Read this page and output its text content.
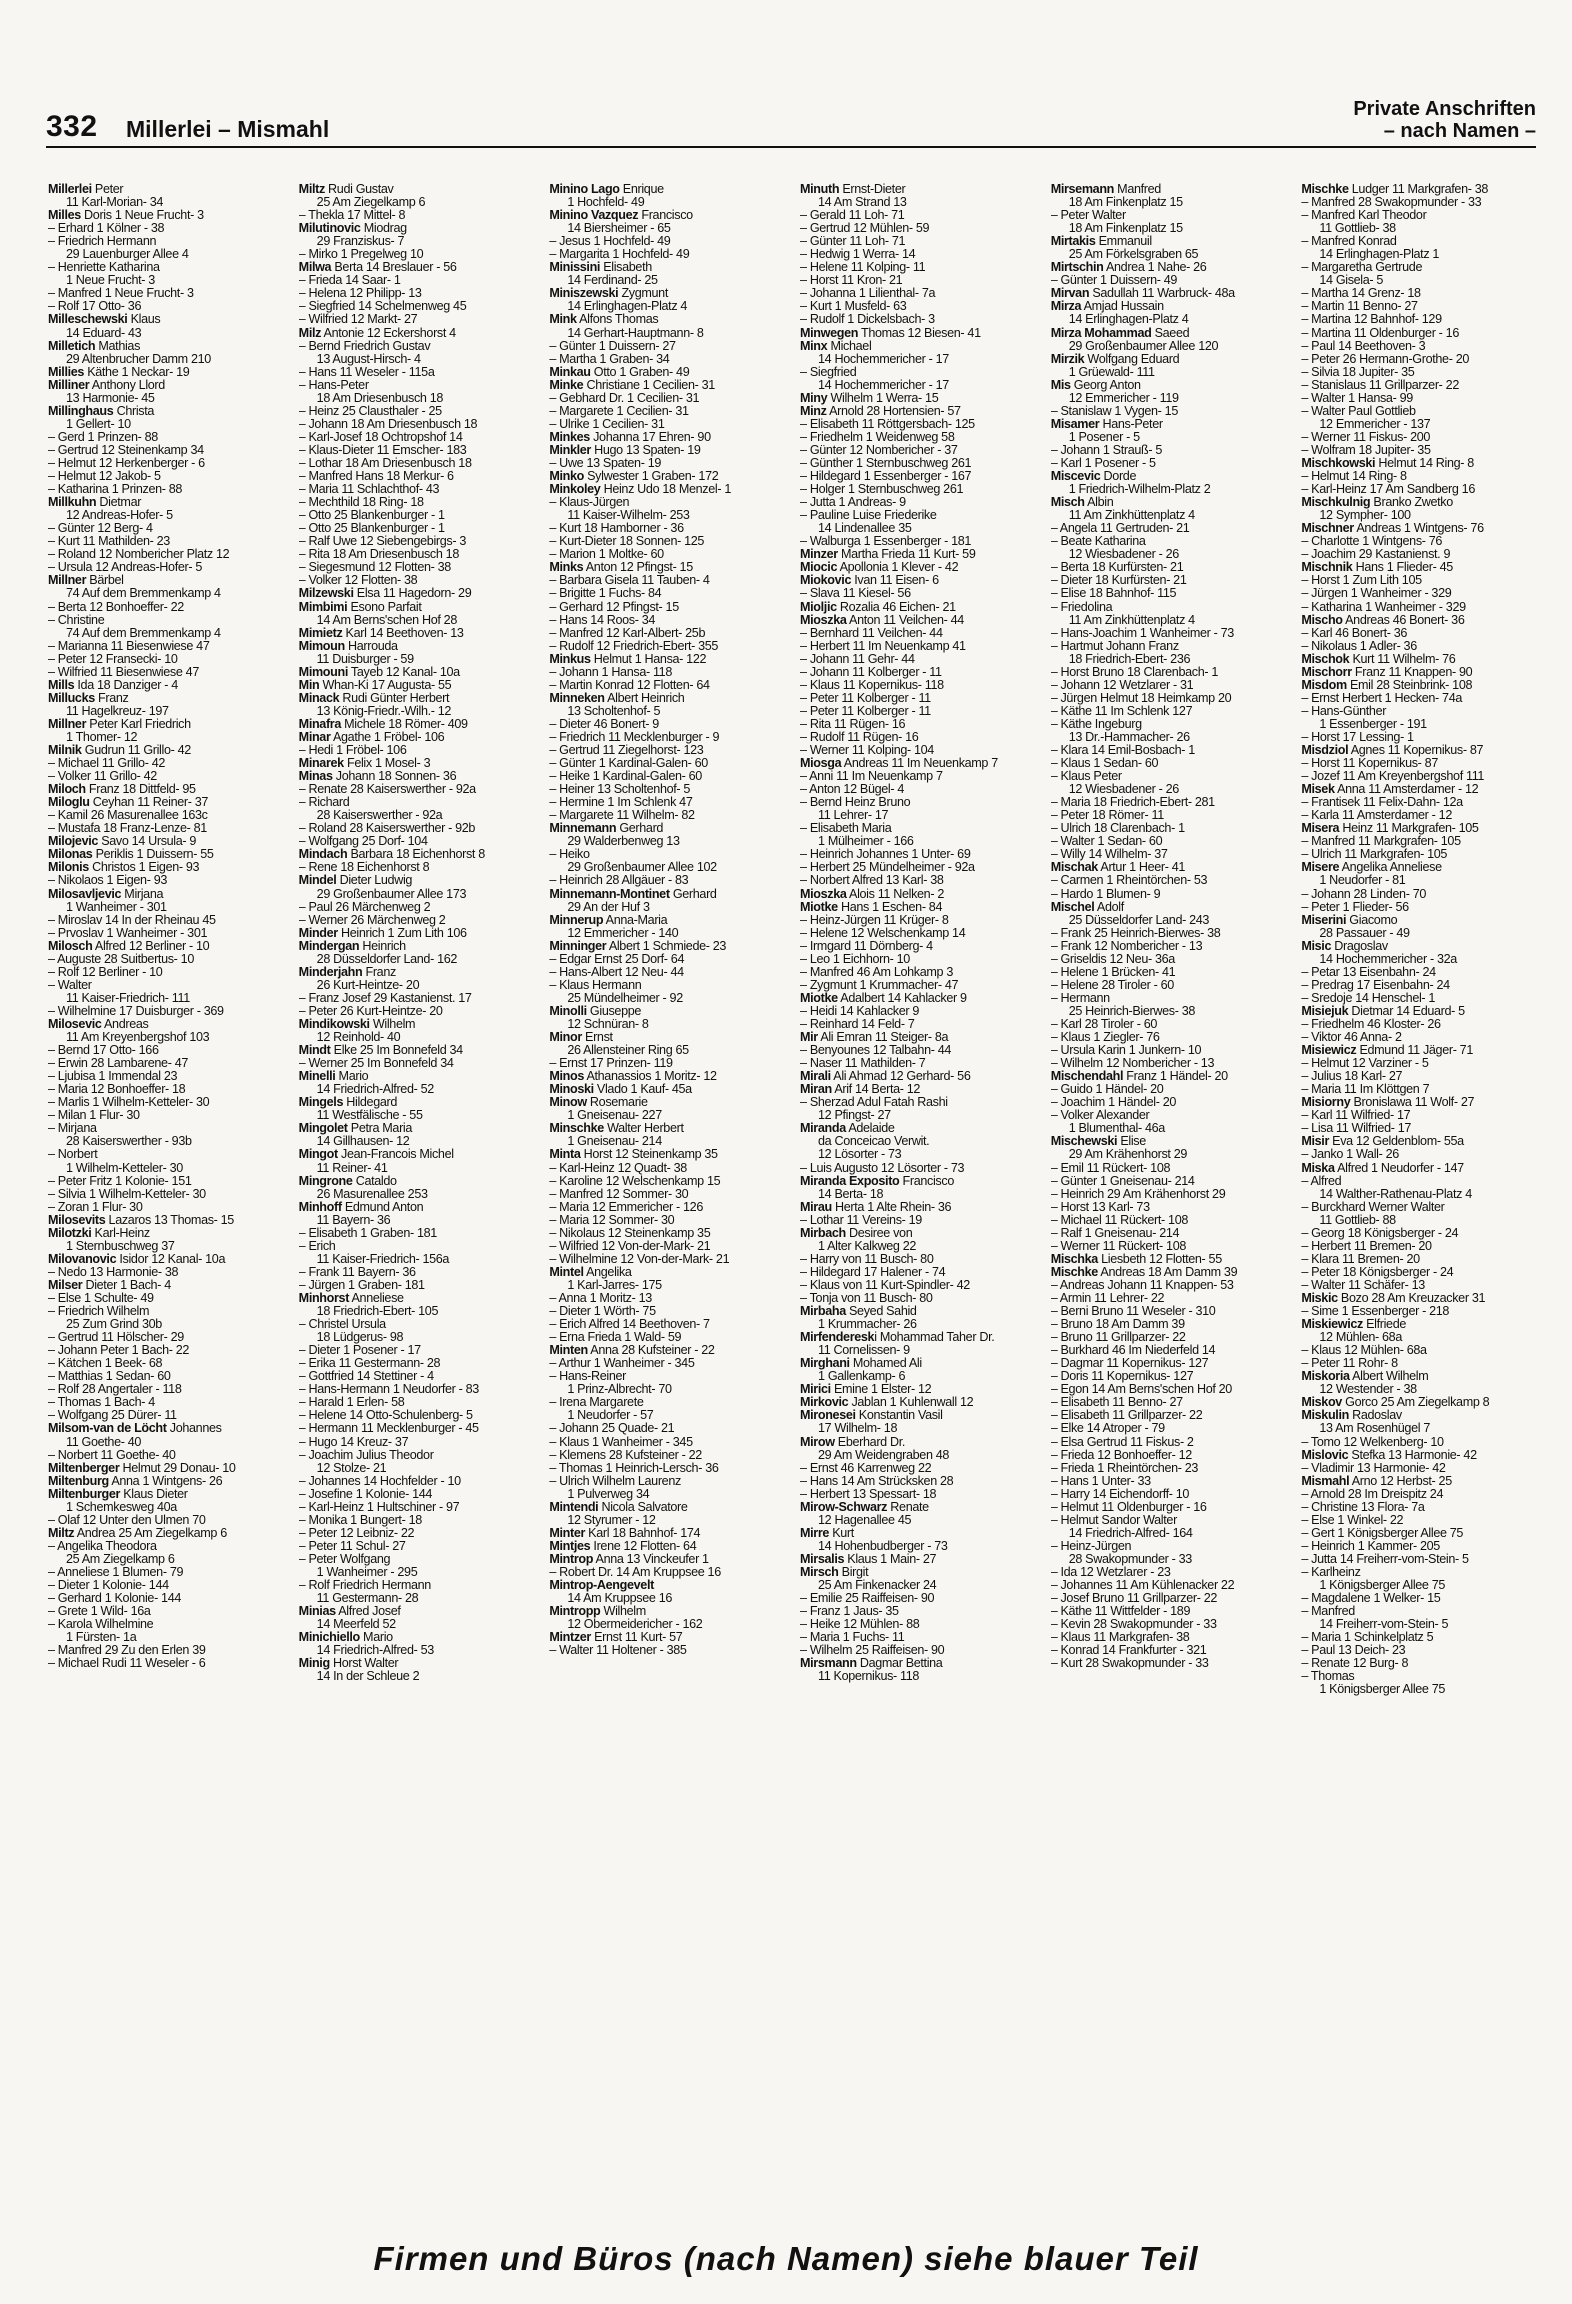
332 Millerlei – Mismahl
Private Anschriften
– nach Namen –
Millerlei Peter
11 Karl-Morian- 34
Milles Doris 1 Neue Frucht- 3
– Erhard 1 Kölner - 38
– Friedrich Hermann
29 Lauenburger Allee 4
– Henriette Katharina
1 Neue Frucht- 3
– Manfred 1 Neue Frucht- 3
– Rolf 17 Otto- 36
Milleschewski Klaus
14 Eduard- 43
Milletich Mathias
29 Altenbrucher Damm 210
Millies Käthe 1 Neckar- 19
Milliner Anthony Llord
13 Harmonie- 45
Millinghaus Christa
1 Gellert- 10
– Gerd 1 Prinzen- 88
– Gertrud 12 Steinenkamp 34
– Helmut 12 Herkenberger - 6
– Helmut 12 Jakob- 5
– Katharina 1 Prinzen- 88
Millkuhn Dietmar
12 Andreas-Hofer- 5
– Günter 12 Berg- 4
– Kurt 11 Mathilden- 23
– Roland 12 Nombericher Platz 12
– Ursula 12 Andreas-Hofer- 5
Millner Bärbel
74 Auf dem Bremmenkamp 4
– Berta 12 Bonhoeffer- 22
– Christine
74 Auf dem Bremmenkamp 4
– Marianna 11 Biesenwiese 47
– Peter 12 Fransecki- 10
– Wilfried 11 Biesenwiese 47
Mills Ida 18 Danziger - 4
Millucks Franz
11 Hagelkreuz- 197
Millner Peter Karl Friedrich
1 Thomer- 12
Milnik Gudrun 11 Grillo- 42
– Michael 11 Grillo- 42
– Volker 11 Grillo- 42
Miloch Franz 18 Dittfeld- 95
Miloglu Ceyhan 11 Reiner- 37
– Kamil 26 Masurenallee 163c
– Mustafa 18 Franz-Lenze- 81
Milojevic Savo 14 Ursula- 9
Milonas Periklis 1 Duissern- 55
Milonis Christos 1 Eigen- 93
– Nikolaos 1 Eigen- 93
Milosavljevic Mirjana
1 Wanheimer - 301
– Miroslav 14 In der Rheinau 45
– Prvoslav 1 Wanheimer - 301
Milosch Alfred 12 Berliner - 10
– Auguste 28 Suitbertus- 10
– Rolf 12 Berliner - 10
– Walter
11 Kaiser-Friedrich- 111
– Wilhelmine 17 Duisburger - 369
Milosevic Andreas
11 Am Kreyenbergshof 103
– Bernd 17 Otto- 166
– Erwin 28 Lambarene- 47
– Ljubisa 1 Immendal 23
– Maria 12 Bonhoeffer- 18
– Marlis 1 Wilhelm-Ketteler- 30
– Milan 1 Flur- 30
– Mirjana
28 Kaiserswerther - 93b
– Norbert
1 Wilhelm-Ketteler- 30
– Peter Fritz 1 Kolonie- 151
– Silvia 1 Wilhelm-Ketteler- 30
– Zoran 1 Flur- 30
Milosevits Lazaros 13 Thomas- 15
Milotzki Karl-Heinz
1 Sternbuschweg 37
Milovanovic Isidor 12 Kanal- 10a
– Nedo 13 Harmonie- 38
Milser Dieter 1 Bach- 4
– Else 1 Schulte- 49
– Friedrich Wilhelm
25 Zum Grind 30b
– Gertrud 11 Hölscher- 29
– Johann Peter 1 Bach- 22
– Kätchen 1 Beek- 68
– Matthias 1 Sedan- 60
– Rolf 28 Angertaler - 118
– Thomas 1 Bach- 4
– Wolfgang 25 Dürer- 11
Milsom-van de Löcht Johannes
11 Goethe- 40
– Norbert 11 Goethe- 40
Miltenberger Helmut 29 Donau- 10
Miltenburg Anna 1 Wintgens- 26
Miltenburger Klaus Dieter
1 Schemkesweg 40a
– Olaf 12 Unter den Ulmen 70
Miltz Andrea 25 Am Ziegelkamp 6
– Angelika Theodora
25 Am Ziegelkamp 6
– Anneliese 1 Blumen- 79
– Dieter 1 Kolonie- 144
– Gerhard 1 Kolonie- 144
– Grete 1 Wild- 16a
– Karola Wilhelmine
1 Fürsten- 1a
– Manfred 29 Zu den Erlen 39
– Michael Rudi 11 Weseler - 6
Miltz Rudi Gustav
25 Am Ziegelkamp 6
– Thekla 17 Mittel- 8
Milutinovic Miodrag
29 Franziskus- 7
– Mirko 1 Pregelweg 10
Milwa Berta 14 Breslauer - 56
– Frieda 14 Saar- 1
– Helena 12 Philipp- 13
– Siegfried 14 Schelmenweg 45
– Wilfried 12 Markt- 27
Milz Antonie 12 Eckershorst 4
– Bernd Friedrich Gustav
13 August-Hirsch- 4
– Hans 11 Weseler - 115a
– Hans-Peter
18 Am Driesenbusch 18
– Heinz 25 Clausthaler - 25
– Johann 18 Am Driesenbusch 18
– Karl-Josef 18 Ochtropshof 14
– Klaus-Dieter 11 Emscher- 183
– Lothar 18 Am Driesenbusch 18
– Manfred Hans 18 Merkur- 6
– Maria 11 Schlachthof- 43
– Mechthild 18 Ring- 18
– Otto 25 Blankenburger - 1
– Otto 25 Blankenburger - 1
– Ralf Uwe 12 Siebengebirgs- 3
– Rita 18 Am Driesenbusch 18
– Siegesmund 12 Flotten- 38
– Volker 12 Flotten- 38
Milzewski Elsa 11 Hagedorn- 29
Mimbimi Esono Parfait
14 Am Berns'schen Hof 28
Mimietz Karl 14 Beethoven- 13
Mimoun Harrouda
11 Duisburger - 59
Mimouni Tayeb 12 Kanal- 10a
Min Whan-Ki 17 Augusta- 55
Minack Rudi Günter Herbert
13 König-Friedr.-Wilh.- 12
Minafra Michele 18 Römer- 409
Minar Agathe 1 Fröbel- 106
– Hedi 1 Fröbel- 106
Minarek Felix 1 Mosel- 3
Minas Johann 18 Sonnen- 36
– Renate 28 Kaiserswerther - 92a
– Richard
28 Kaiserswerther - 92a
– Roland 28 Kaiserswerther - 92b
– Wolfgang 25 Dorf- 104
Mindach Barbara 18 Eichenhorst 8
– Rene 18 Eichenhorst 8
Mindel Dieter Ludwig
29 Großenbaumer Allee 173
– Paul 26 Märchenweg 2
– Werner 26 Märchenweg 2
Minder Heinrich 1 Zum Lith 106
Mindergan Heinrich
28 Düsseldorfer Land- 162
Minderjahn Franz
26 Kurt-Heintze- 20
– Franz Josef 29 Kastanienst. 17
– Peter 26 Kurt-Heintze- 20
Mindikowski Wilhelm
12 Reinhold- 40
Mindt Elke 25 Im Bonnefeld 34
– Werner 25 Im Bonnefeld 34
Minelli Mario
14 Friedrich-Alfred- 52
Mingels Hildegard
11 Westfälische - 55
Mingolet Petra Maria
14 Gillhausen- 12
Mingot Jean-Francois Michel
11 Reiner- 41
Mingrone Cataldo
26 Masurenallee 253
Minhoff Edmund Anton
11 Bayern- 36
– Elisabeth 1 Graben- 181
– Erich
11 Kaiser-Friedrich- 156a
– Frank 11 Bayern- 36
– Jürgen 1 Graben- 181
Minhorst Anneliese
18 Friedrich-Ebert- 105
– Christel Ursula
18 Lüdgerus- 98
– Dieter 1 Posener - 17
– Erika 11 Gestermann- 28
– Gottfried 14 Stettiner - 4
– Hans-Hermann 1 Neudorfer - 83
– Harald 1 Erlen- 58
– Helene 14 Otto-Schulenberg- 5
– Hermann 11 Mecklenburger - 45
– Hugo 14 Kreuz- 37
– Joachim Julius Theodor
12 Stolze- 21
– Johannes 14 Hochfelder - 10
– Josefine 1 Kolonie- 144
– Karl-Heinz 1 Hultschiner - 97
– Monika 1 Bungert- 18
– Peter 12 Leibniz- 22
– Peter 11 Schul- 27
– Peter Wolfgang
1 Wanheimer - 295
– Rolf Friedrich Hermann
11 Gestermann- 28
Minias Alfred Josef
14 Meerfeld 52
Minichiello Mario
14 Friedrich-Alfred- 53
Minig Horst Walter
14 In der Schleue 2
Minino Lago Enrique
1 Hochfeld- 49
Minino Vazquez Francisco
14 Biersheimer - 65
– Jesus 1 Hochfeld- 49
– Margarita 1 Hochfeld- 49
Minissini Elisabeth
14 Ferdinand- 25
Miniszewski Zygmunt
14 Erlinghagen-Platz 4
Mink Alfons Thomas
14 Gerhart-Hauptmann- 8
– Günter 1 Duissern- 27
– Martha 1 Graben- 34
Minkau Otto 1 Graben- 49
Minke Christiane 1 Cecilien- 31
– Gebhard Dr. 1 Cecilien- 31
– Margarete 1 Cecilien- 31
– Ulrike 1 Cecilien- 31
Minkes Johanna 17 Ehren- 90
Minkler Hugo 13 Spaten- 19
– Uwe 13 Spaten- 19
Minko Sylwester 1 Graben- 172
Minkoley Heinz Udo 18 Menzel- 1
– Klaus-Jürgen
11 Kaiser-Wilhelm- 253
– Kurt 18 Hamborner - 36
– Kurt-Dieter 18 Sonnen- 125
– Marion 1 Moltke- 60
Minks Anton 12 Pfingst- 15
– Barbara Gisela 11 Tauben- 4
– Brigitte 1 Fuchs- 84
– Gerhard 12 Pfingst- 15
– Hans 14 Roos- 34
– Manfred 12 Karl-Albert- 25b
– Rudolf 12 Friedrich-Ebert- 355
Minkus Helmut 1 Hansa- 122
– Johann 1 Hansa- 118
– Martin Konrad 12 Flotten- 64
Minneken Albert Heinrich
13 Scholtenhof- 5
– Dieter 46 Bonert- 9
– Friedrich 11 Mecklenburger - 9
– Gertrud 11 Ziegelhorst- 123
– Günter 1 Kardinal-Galen- 60
– Heike 1 Kardinal-Galen- 60
– Heiner 13 Scholtenhof- 5
– Hermine 1 Im Schlenk 47
– Margarete 11 Wilhelm- 82
Minnemann Gerhard
29 Walderbenweg 13
– Heiko
29 Großenbaumer Allee 102
– Heinrich 28 Allgäuer - 83
Minnemann-Montinet Gerhard
29 An der Huf 3
Minnerup Anna-Maria
12 Emmericher - 140
Minninger Albert 1 Schmiede- 23
– Edgar Ernst 25 Dorf- 64
– Hans-Albert 12 Neu- 44
– Klaus Hermann
25 Mündelheimer - 92
Minolli Giuseppe
12 Schnüran- 8
Minor Ernst
26 Allensteiner Ring 65
– Ernst 17 Prinzen- 119
Minos Athanassios 1 Moritz- 12
Minoski Vlado 1 Kauf- 45a
Minow Rosemarie
1 Gneisenau- 227
Minschke Walter Herbert
1 Gneisenau- 214
Minta Horst 12 Steinenkamp 35
– Karl-Heinz 12 Quadt- 38
– Karoline 12 Welschenkamp 15
– Manfred 12 Sommer- 30
– Maria 12 Emmericher - 126
– Maria 12 Sommer- 30
– Nikolaus 12 Steinenkamp 35
– Wilfried 12 Von-der-Mark- 21
– Wilhelmine 12 Von-der-Mark- 21
Mintel Angelika
1 Karl-Jarres- 175
– Anna 1 Moritz- 13
– Dieter 1 Wörth- 75
– Erich Alfred 14 Beethoven- 7
– Erna Frieda 1 Wald- 59
Minten Anna 28 Kufsteiner - 22
– Arthur 1 Wanheimer - 345
– Hans-Reiner
1 Prinz-Albrecht- 70
– Irena Margarete
1 Neudorfer - 57
– Johann 25 Quade- 21
– Klaus 1 Wanheimer - 345
– Klemens 28 Kufsteiner - 22
– Thomas 1 Heinrich-Lersch- 36
– Ulrich Wilhelm Laurenz
1 Pulverweg 34
Mintendi Nicola Salvatore
12 Styrumer - 12
Minter Karl 18 Bahnhof- 174
Mintjes Irene 12 Flotten- 64
Mintrop Anna 13 Vinckeufer 1
– Robert Dr. 14 Am Kruppsee 16
Mintrop-Aengevelt
14 Am Kruppsee 16
Mintropp Wilhelm
12 Obermeidericher - 162
Mintzer Ernst 11 Kurt- 57
– Walter 11 Holtener - 385
Minuth Ernst-Dieter
14 Am Strand 13
– Gerald 11 Loh- 71
– Gertrud 12 Mühlen- 59
– Günter 11 Loh- 71
– Hedwig 1 Werra- 14
– Helene 11 Kolping- 11
– Horst 11 Kron- 21
– Johanna 1 Lilienthal- 7a
– Kurt 1 Musfeld- 63
– Rudolf 1 Dickelsbach- 3
Minwegen Thomas 12 Biesen- 41
Minx Michael
14 Hochemmericher - 17
– Siegfried
14 Hochemmericher - 17
Miny Wilhelm 1 Werra- 15
Minz Arnold 28 Hortensien- 57
– Elisabeth 11 Röttgersbach- 125
– Friedhelm 1 Weidenweg 58
– Günter 12 Nombericher - 37
– Günther 1 Sternbuschweg 261
– Hildegard 1 Essenberger - 167
– Holger 1 Sternbuschweg 261
– Jutta 1 Andreas- 9
– Pauline Luise Friederike
14 Lindenallee 35
– Walburga 1 Essenberger - 181
Minzer Martha Frieda 11 Kurt- 59
Miocic Apollonia 1 Klever - 42
Miokovic Ivan 11 Eisen- 6
– Slava 11 Kiesel- 56
Mioljic Rozalia 46 Eichen- 21
Mioszka Anton 11 Veilchen- 44
– Bernhard 11 Veilchen- 44
– Herbert 11 Im Neuenkamp 41
– Johann 11 Gehr- 44
– Johann 11 Kolberger - 11
– Klaus 11 Kopernikus- 118
– Peter 11 Kolberger - 11
– Peter 11 Kolberger - 11
– Rita 11 Rügen- 16
– Rudolf 11 Rügen- 16
– Werner 11 Kolping- 104
Miosga Andreas 11 Im Neuenkamp 7
– Anni 11 Im Neuenkamp 7
– Anton 12 Bügel- 4
– Bernd Heinz Bruno
11 Lehrer- 17
– Elisabeth Maria
1 Mülheimer - 166
– Heinrich Johannes 1 Unter- 69
– Herbert 25 Mündelheimer - 92a
– Norbert Alfred 13 Karl- 38
Mioszka Alois 11 Nelken- 2
Miotke Hans 1 Eschen- 84
– Heinz-Jürgen 11 Krüger- 8
– Helene 12 Welschenkamp 14
– Irmgard 11 Dörnberg- 4
– Leo 1 Eichhorn- 10
– Manfred 46 Am Lohkamp 3
– Zygmunt 1 Krummacher- 47
Miotke Adalbert 14 Kahlacker 9
– Heidi 14 Kahlacker 9
– Reinhard 14 Feld- 7
Mir Ali Emran 11 Steiger- 8a
– Benyounes 12 Talbahn- 44
– Naser 11 Mathilden- 7
Mirali Ali Ahmad 12 Gerhard- 56
Miran Arif 14 Berta- 12
– Sherzad Adul Fatah Rashi
12 Pfingst- 27
Miranda Adelaide
da Conceicao Verwit.
12 Lösorter - 73
– Luis Augusto 12 Lösorter - 73
Miranda Exposito Francisco
14 Berta- 18
Mirau Herta 1 Alte Rhein- 36
– Lothar 11 Vereins- 19
Mirbach Desiree von
1 Alter Kalkweg 22
– Harry von 11 Busch- 80
– Hildegard 17 Halener - 74
– Klaus von 11 Kurt-Spindler- 42
– Tonja von 11 Busch- 80
Mirbaha Seyed Sahid
1 Krummacher- 26
Mirfendereski Mohammad Taher Dr.
11 Cornelissen- 9
Mirghani Mohamed Ali
1 Gallenkamp- 6
Mirici Emine 1 Elster- 12
Mirkovic Jablan 1 Kuhlenwall 12
Mironesei Konstantin Vasil
17 Wilhelm- 18
Mirow Eberhard Dr.
29 Am Weidengraben 48
– Ernst 46 Karrenweg 22
– Hans 14 Am Strücksken 28
– Herbert 13 Spessart- 18
Mirow-Schwarz Renate
12 Hagenallee 45
Mirre Kurt
14 Hohenbudberger - 73
Mirsalis Klaus 1 Main- 27
Mirsch Birgit
25 Am Finkenacker 24
– Emilie 25 Raiffeisen- 90
– Franz 1 Jaus- 35
– Heike 12 Mühlen- 88
– Maria 1 Fuchs- 11
– Wilhelm 25 Raiffeisen- 90
Mirsmann Dagmar Bettina
11 Kopernikus- 118
Mirsemann Manfred
18 Am Finkenplatz 15
– Peter Walter
18 Am Finkenplatz 15
Mirtakis Emmanuil
25 Am Förkelsgraben 65
Mirtschin Andrea 1 Nahe- 26
– Günter 1 Duissern- 49
Mirvan Sadullah 11 Warbruck- 48a
Mirza Amjad Hussain
14 Erlinghagen-Platz 4
Mirza Mohammad Saeed
29 Großenbaumer Allee 120
Mirzik Wolfgang Eduard
1 Grüewald- 111
Mis Georg Anton
12 Emmericher - 119
– Stanislaw 1 Vygen- 15
Misamer Hans-Peter
1 Posener - 5
– Johann 1 Strauß- 5
– Karl 1 Posener - 5
Miscevic Dorde
1 Friedrich-Wilhelm-Platz 2
Misch Albin
11 Am Zinkhüttenplatz 4
– Angela 11 Gertruden- 21
– Beate Katharina
12 Wiesbadener - 26
– Berta 18 Kurfürsten- 21
– Dieter 18 Kurfürsten- 21
– Elise 18 Bahnhof- 115
– Friedolina
11 Am Zinkhüttenplatz 4
– Hans-Joachim 1 Wanheimer - 73
– Hartmut Johann Franz
18 Friedrich-Ebert- 236
– Horst Bruno 18 Clarenbach- 1
– Johann 12 Wetzlarer - 31
– Jürgen Helmut 18 Heimkamp 20
– Käthe 11 Im Schlenk 127
– Käthe Ingeburg
13 Dr.-Hammacher- 26
– Klara 14 Emil-Bosbach- 1
– Klaus 1 Sedan- 60
– Klaus Peter
12 Wiesbadener - 26
– Maria 18 Friedrich-Ebert- 281
– Peter 18 Römer- 11
– Ulrich 18 Clarenbach- 1
– Walter 1 Sedan- 60
– Willy 14 Wilhelm- 37
Mischak Artur 1 Heer- 41
– Carmen 1 Rheintörchen- 53
– Hardo 1 Blumen- 9
Mischel Adolf
25 Düsseldorfer Land- 243
– Frank 25 Heinrich-Bierwes- 38
– Frank 12 Nombericher - 13
– Griseldis 12 Neu- 36a
– Helene 1 Brücken- 41
– Helene 28 Tiroler - 60
– Hermann
25 Heinrich-Bierwes- 38
– Karl 28 Tiroler - 60
– Klaus 1 Ziegler- 76
– Ursula Karin 1 Junkern- 10
– Wilhelm 12 Nombericher - 13
Mischendahl Franz 1 Händel- 20
– Guido 1 Händel- 20
– Joachim 1 Händel- 20
– Volker Alexander
1 Blumenthal- 46a
Mischewski Elise
29 Am Krähenhorst 29
– Emil 11 Rückert- 108
– Günter 1 Gneisenau- 214
– Heinrich 29 Am Krähenhorst 29
– Horst 13 Karl- 73
– Michael 11 Rückert- 108
– Ralf 1 Gneisenau- 214
– Werner 11 Rückert- 108
Mischka Liesbeth 12 Flotten- 55
Mischke Andreas 18 Am Damm 39
– Andreas Johann 11 Knappen- 53
– Armin 11 Lehrer- 22
– Berni Bruno 11 Weseler - 310
– Bruno 18 Am Damm 39
– Bruno 11 Grillparzer- 22
– Burkhard 46 Im Niederfeld 14
– Dagmar 11 Kopernikus- 127
– Doris 11 Kopernikus- 127
– Egon 14 Am Berns'schen Hof 20
– Elisabeth 11 Benno- 27
– Elisabeth 11 Grillparzer- 22
– Elke 14 Atroper - 79
– Elsa Gertrud 11 Fiskus- 2
– Frieda 12 Bonhoeffer- 12
– Frieda 1 Rheintörchen- 23
– Hans 1 Unter- 33
– Harry 14 Eichendorff- 10
– Helmut 11 Oldenburger - 16
– Helmut Sandor Walter
14 Friedrich-Alfred- 164
– Heinz-Jürgen
28 Swakopmunder - 33
– Ida 12 Wetzlarer - 23
– Johannes 11 Am Kühlenacker 22
– Josef Bruno 11 Grillparzer- 22
– Käthe 11 Wittfelder - 189
– Kevin 28 Swakopmunder - 33
– Klaus 11 Markgrafen- 38
– Konrad 14 Frankfurter - 321
– Kurt 28 Swakopmunder - 33
Mischke Ludger 11 Markgrafen- 38
– Manfred 28 Swakopmunder - 33
– Manfred Karl Theodor
11 Gottlieb- 38
– Manfred Konrad
14 Erlinghagen-Platz 1
– Margaretha Gertrude
14 Gisela- 5
– Martha 14 Grenz- 18
– Martin 11 Benno- 27
– Martina 12 Bahnhof- 129
– Martina 11 Oldenburger - 16
– Paul 14 Beethoven- 3
– Peter 26 Hermann-Grothe- 20
– Silvia 18 Jupiter- 35
– Stanislaus 11 Grillparzer- 22
– Walter 1 Hansa- 99
– Walter Paul Gottlieb
12 Emmericher - 137
– Werner 11 Fiskus- 200
– Wolfram 18 Jupiter- 35
Mischkowski Helmut 14 Ring- 8
– Helmut 14 Ring- 8
– Karl-Heinz 17 Am Sandberg 16
Mischkulnig Branko Zwetko
12 Sympher- 100
Mischner Andreas 1 Wintgens- 76
– Charlotte 1 Wintgens- 76
– Joachim 29 Kastanienst. 9
Mischnik Hans 1 Flieder- 45
– Horst 1 Zum Lith 105
– Jürgen 1 Wanheimer - 329
– Katharina 1 Wanheimer - 329
Mischo Andreas 46 Bonert- 36
– Karl 46 Bonert- 36
– Nikolaus 1 Adler- 36
Mischok Kurt 11 Wilhelm- 76
Mischorr Franz 11 Knappen- 90
Misdom Emil 28 Steinbrink- 108
– Ernst Herbert 1 Hecken- 74a
– Hans-Günther
1 Essenberger - 191
– Horst 17 Lessing- 1
Misdziol Agnes 11 Kopernikus- 87
– Horst 11 Kopernikus- 87
– Jozef 11 Am Kreyenbergshof 111
Misek Anna 11 Amsterdamer - 12
– Frantisek 11 Felix-Dahn- 12a
– Karla 11 Amsterdamer - 12
Misera Heinz 11 Markgrafen- 105
– Manfred 11 Markgrafen- 105
– Ulrich 11 Markgrafen- 105
Misere Angelika Anneliese
1 Neudorfer - 81
– Johann 28 Linden- 70
– Peter 1 Flieder- 56
Miserini Giacomo
28 Passauer - 49
Misic Dragoslav
14 Hochemmericher - 32a
– Petar 13 Eisenbahn- 24
– Predrag 17 Eisenbahn- 24
– Sredoje 14 Henschel- 1
Misiejuk Dietmar 14 Eduard- 5
– Friedhelm 46 Kloster- 26
– Viktor 46 Anna- 2
Misiewicz Edmund 11 Jäger- 71
– Helmut 12 Varziner - 5
– Julius 18 Karl- 27
– Maria 11 Im Klöttgen 7
Misiorny Bronislawa 11 Wolf- 27
– Karl 11 Wilfried- 17
– Lisa 11 Wilfried- 17
Misir Eva 12 Geldenblom- 55a
– Janko 1 Wall- 26
Miska Alfred 1 Neudorfer - 147
– Alfred
14 Walther-Rathenau-Platz 4
– Burckhard Werner Walter
11 Gottlieb- 88
– Georg 18 Königsberger - 24
– Herbert 11 Bremen- 20
– Klara 11 Bremen- 20
– Peter 18 Königsberger - 24
– Walter 11 Schäfer- 13
Miskic Bozo 28 Am Kreuzacker 31
– Sime 1 Essenberger - 218
Miskiewicz Elfriede
12 Mühlen- 68a
– Klaus 12 Mühlen- 68a
– Peter 11 Rohr- 8
Miskoria Albert Wilhelm
12 Westender - 38
Miskov Gorco 25 Am Ziegelkamp 8
Miskulin Radoslav
13 Am Rosenhügel 7
– Tomo 12 Welkenberg- 10
Mislovic Stefka 13 Harmonie- 42
– Vladimir 13 Harmonie- 42
Mismahl Arno 12 Herbst- 25
– Arnold 28 Im Dreispitz 24
– Christine 13 Flora- 7a
– Else 1 Winkel- 22
– Gert 1 Königsberger Allee 75
– Heinrich 1 Kammer- 205
– Jutta 14 Freiherr-vom-Stein- 5
– Karlheinz
1 Königsberger Allee 75
– Magdalene 1 Welker- 15
– Manfred
14 Freiherr-vom-Stein- 5
– Maria 1 Schinkelplatz 5
– Paul 13 Deich- 23
– Renate 12 Burg- 8
– Thomas
1 Königsberger Allee 75
Firmen und Büros (nach Namen) siehe blauer Teil
